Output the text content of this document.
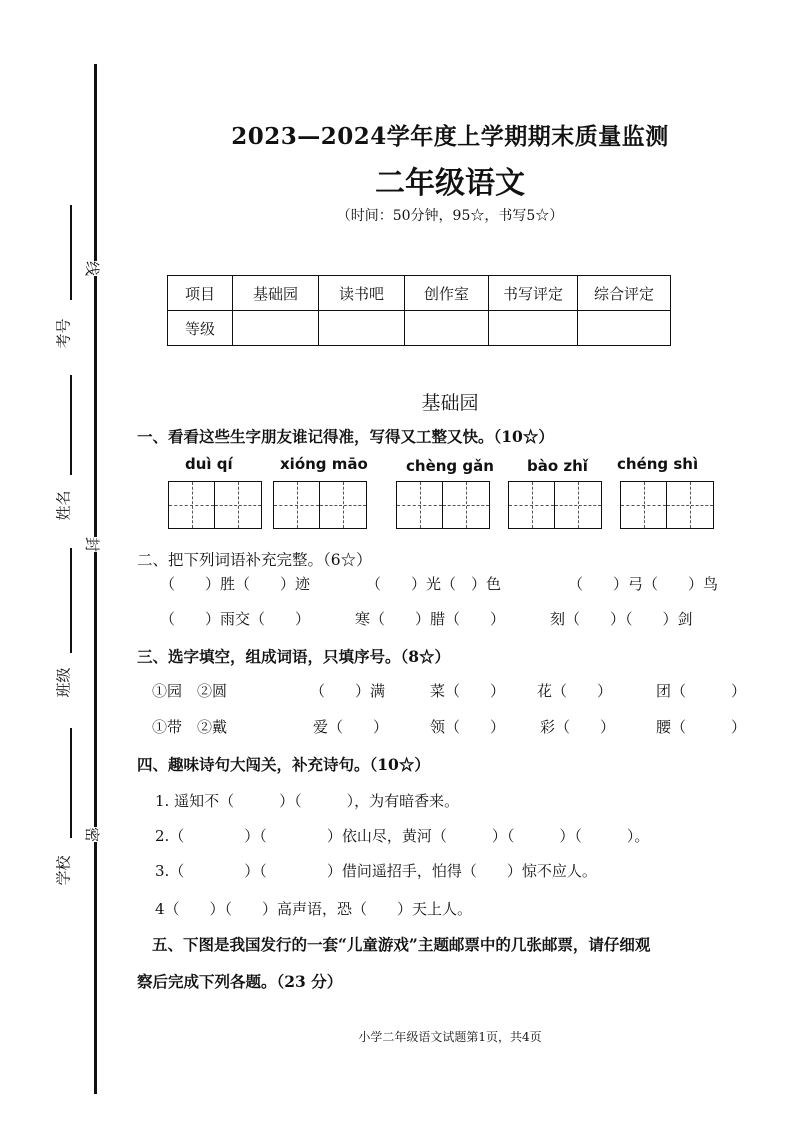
考号
姓名
班级
学校
线
封
密
2023—2024学年度上学期期末质量监测
二年级语文
（时间：50分钟，95☆，书写5☆）
项目	基础园	读书吧	创作室	书写评定	综合评定
等级					
基础园
一、看看这些生字朋友谁记得准，写得又工整又快。（10☆）
duì qí	xióng māo	chèng gǎn bào zhǐ chéng shì
二、把下列词语补充完整。（6☆）
（　　）胜（　　）迹	（　　）光（　）色	（　　）弓（　　）鸟
（　　）雨交（　　）	寒（　　）腊（　　）	刻（　　）（　　）剑
三、选字填空，组成词语，只填序号。（8☆）
①园　②圆	（　　）满	菜（　　） 花（　　）	团（　　　）
①带　②戴	爱（　　）	领（　　） 彩（　　）	腰（　　　）
四、趣味诗句大闯关，补充诗句。（10☆）
1. 遥知不（　　　）（　　　），为有暗香来。
2.（　　　　）（　　　　）依山尽，黄河（　　　）（　　　）（　　　）。
3.（　　　　）（　　　　）借问遥招手，怕得（　　）惊不应人。
4（　　）（　　）高声语，恐（　　）天上人。
五、下图是我国发行的一套“儿童游戏”主题邮票中的几张邮票，请仔细观
察后完成下列各题。（23 分）
小学二年级语文试题第1页，共4页
